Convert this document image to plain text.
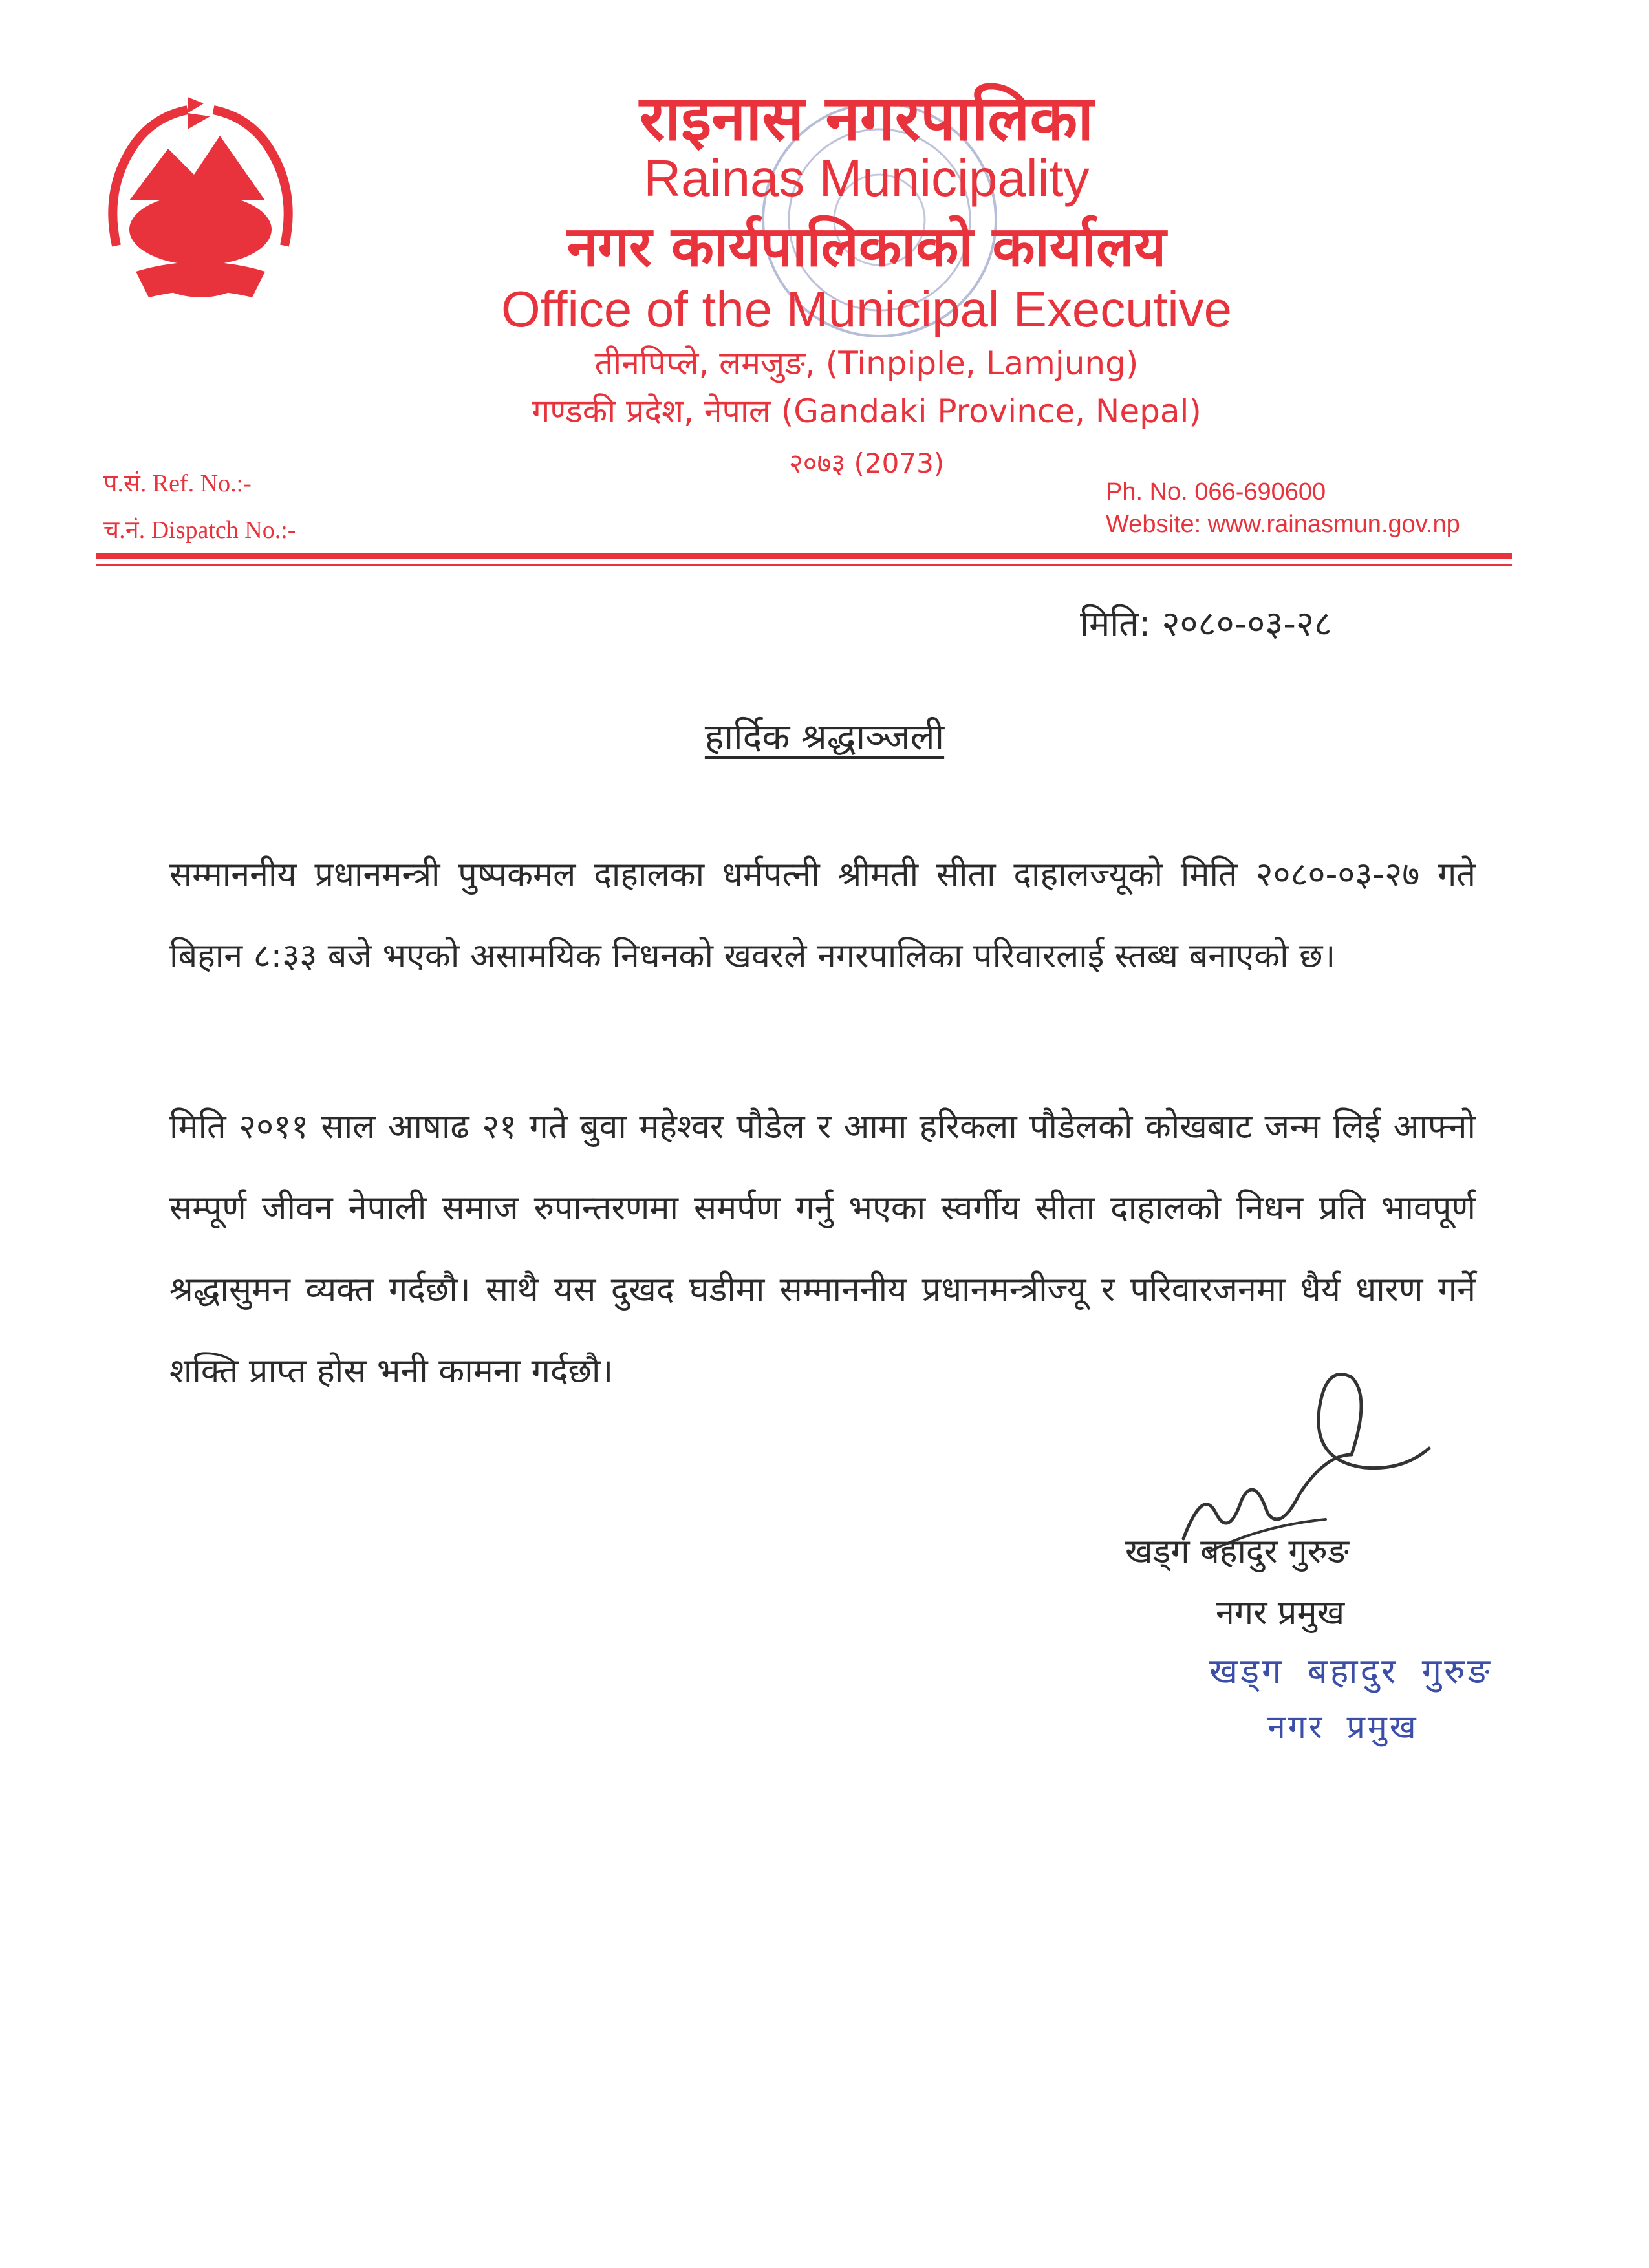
राइनास नगरपालिका
Rainas Municipality
नगर कार्यपालिकाको कार्यालय
Office of the Municipal Executive
तीनपिप्ले, लमजुङ, (Tinpiple, Lamjung)
गण्डकी प्रदेश, नेपाल (Gandaki Province, Nepal)
२०७३ (2073)
प.सं. Ref. No.:-
च.नं. Dispatch No.:-
Ph. No. 066-690600
Website: www.rainasmun.gov.np
मिति: २०८०-०३-२८
हार्दिक श्रद्धाञ्जली
सम्माननीय प्रधानमन्त्री पुष्पकमल दाहालका धर्मपत्नी श्रीमती सीता दाहालज्यूको मिति २०८०-०३-२७ गते बिहान ८:३३ बजे भएको असामयिक निधनको खवरले नगरपालिका परिवारलाई स्तब्ध बनाएको छ।
मिति २०११ साल आषाढ २१ गते बुवा महेश्वर पौडेल र आमा हरिकला पौडेलको कोखबाट जन्म लिई आफ्नो सम्पूर्ण जीवन नेपाली समाज रुपान्तरणमा समर्पण गर्नु भएका स्वर्गीय सीता दाहालको निधन प्रति भावपूर्ण श्रद्धासुमन व्यक्त गर्दछौ। साथै यस दुखद घडीमा सम्माननीय प्रधानमन्त्रीज्यू र परिवारजनमा धैर्य धारण गर्ने शक्ति प्राप्त होस भनी कामना गर्दछौ।
खड्ग बहादुर गुरुङ
नगर प्रमुख
खड्ग बहादुर गुरुङ
नगर प्रमुख
